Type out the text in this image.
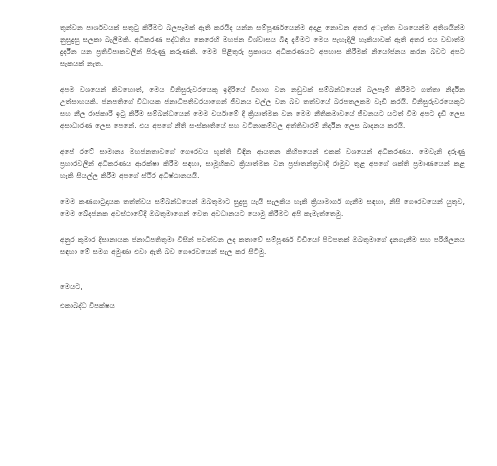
තුන්වන පාර්ශවයක් සතුටු කිරීමට බලපෑමක් ඇති කරයිද යන්න සම්පූර්ණයෙන්ම අදාළ නොවන අතර අැත්ත වශයෙන්ම අතිශයින්ම නුසුදුසු සලකා බැලීමකි. අධිකරණ පද්ධතිය කෙරෙහි මහජන විශ්වාසය බිඳ දැමීමට මෙය පැහැදිලි හැකියාවක් ඇති අතර එය වඩාත්ම දුර්දීන යන ප්‍රතිවිපාකවලින් පිරුණු කරුණකි. මෙම පිළිතුරු ප්‍රකාශය අධිකරණයට අපහාස කිරීමක් නියෝජනය කරන බවට අපට සැකයක් නැත.

අපම වශයෙන් කිවහොත්, මෙය විනිසුරුවරයෙකු ඉදිරියේ විභාග වන නඩුවක් සම්බන්ධයෙන් බලපෑම් කිරීමට ගත්තා නිර්දින උත්සාහයකි. ජනපතිගේ විධායක ජනාධිපතිවරයාගෙන් ජීවනය චල්ල වන බව තත්වයේ බරපතලකම වැඩි කරයි. විනිසුරුවරයෙකුට සහ නීල රාජකාරි ඉටු කිරීම සම්බන්ධයෙන් මෙම චර්යාමේ දී ක්‍රියාත්මක වන මෙම නීතිකමාවයේ ජීවනයට යටත් විම අපට දැඩි ලෙස අසාධාරණ ලෙස පෙනේ. එය අපගේ නීති සංස්කෘතියේ සහ වටිනාකම්වල අත්තිවාරම් නිර්දින ලෙස ඛාදනය කරයි.

අපේ රටේ සාමාන්‍ය මහජනතාවගේ ගෞරවය භුක්ති විඳින ආයතන කිහිපයෙන් එකක් වශයෙන් අධිකරණය. මෙවැනි දරුණු ප්‍රහාරවලින් අධිකරණය ආරක්ෂා කිරීම සඳහා, සාමූහිකව ක්‍රියාත්මක වන ප්‍රජාතන්ත්‍රවාදී රාමුව තුළ අපගේ ශක්ති ප්‍රමාණයෙන් කළ හැකි සියල්ල කිරීම අපගේ ස්ථිර අධිෂ්ඨානයයි.

මෙම කණගාටුදායක තත්ත්වය සම්බන්ධයෙන් ඔබතුමාට සුදුසු යැයි සැලකිය හැකි ක්‍රියාමාර්ග ගැනීම සඳහා, නිසි ගෞරවයෙන් යුතුව, මෙම ඛේදජනක අවස්ථාවේදී ඔබතුමාගෙන් වෙත අවධානයට යොමු කිරීමට අපි කැමැත්තෙමු.

අනුර කුමාර දිසානායක ජනාධිපතිතුමා විසින් පවත්වන ලද කතාවේ සම්පූර්ණ වීඩියෝ පිටපතක් ඔබතුමාගේ දැනගැනීම සහ පරිශීලනය සඳහා මේ සමග අමුණා එවා ඇති බව ගෞරවයෙන් සැල කර සිටිමු.

මෙයට,
එකාබද්ධ විපක්ෂය
